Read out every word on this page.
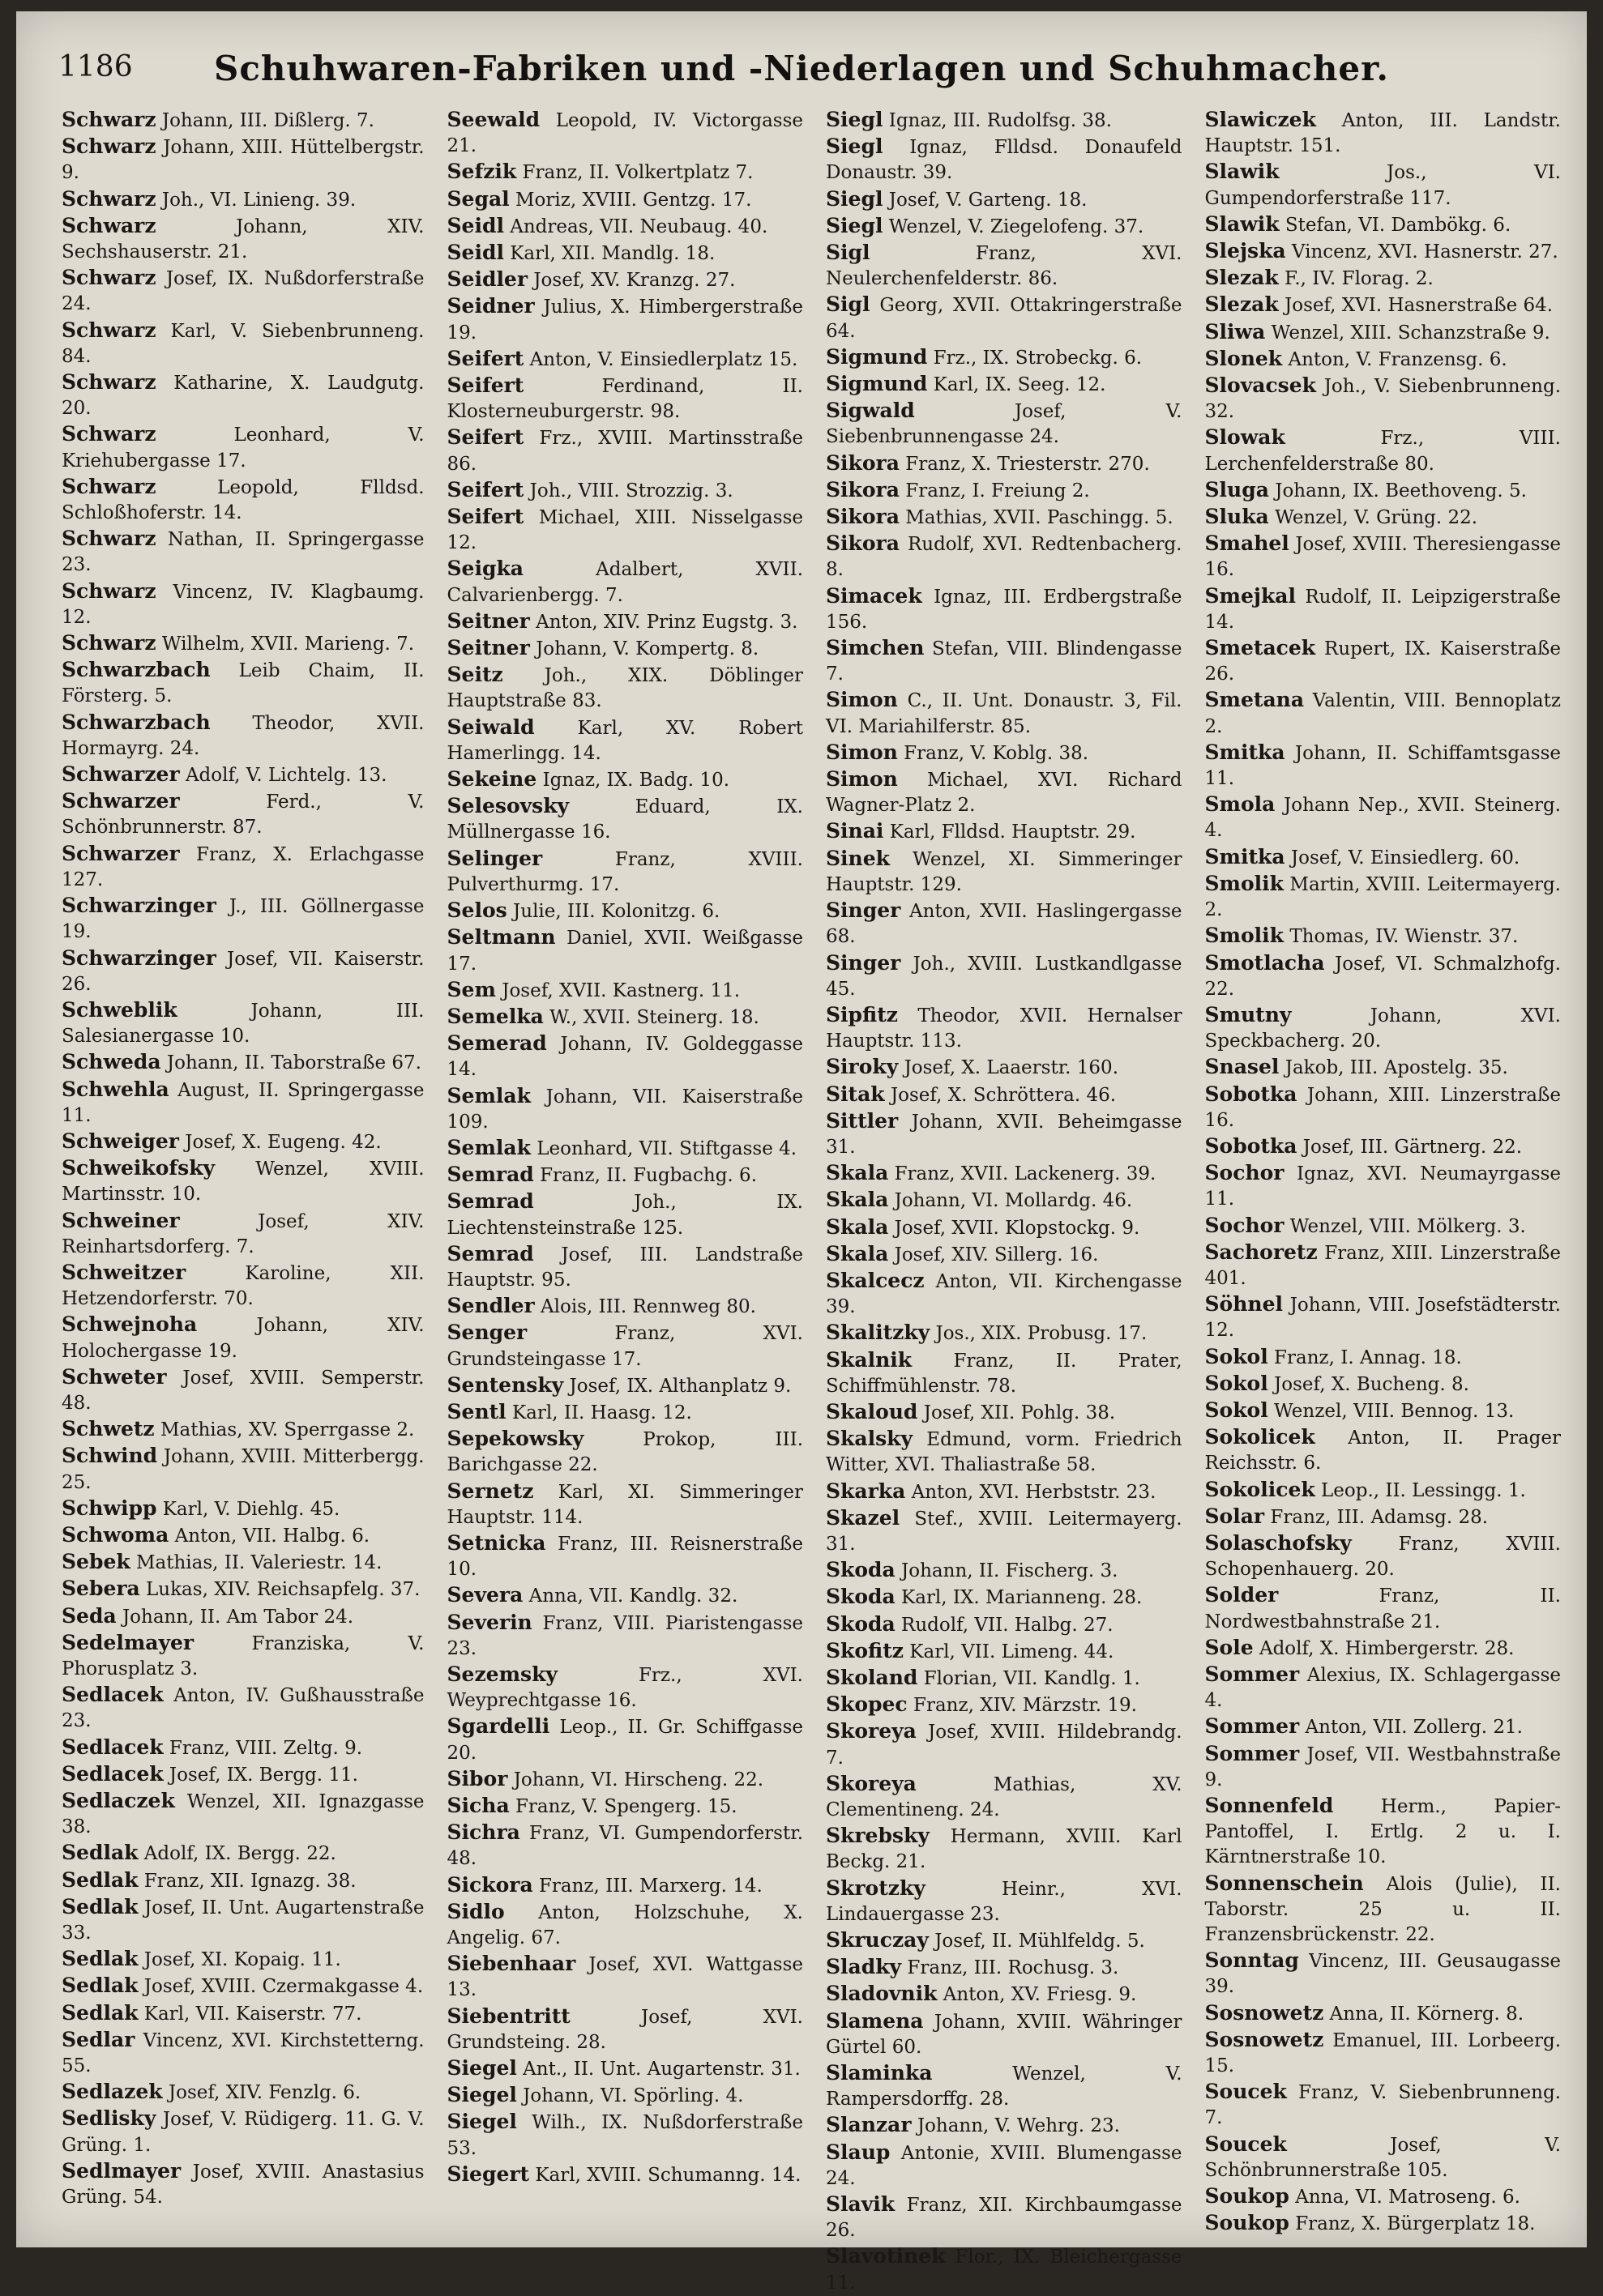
1186	Schuhwaren-Fabriken und -Niederlagen und Schuhmacher.
Schwarz Johann, III. Dißlerg. 7.
Schwarz Johann, XIII. Hüttelbergstr. 9.
Schwarz Joh., VI. Linieng. 39.
Schwarz	Johann, XIV. Sechshauserstr. 21.
Schwarz Josef, IX. Nußdorferstraße 24.
Schwarz Karl, V. Siebenbrunneng. 84.
Schwarz Katharine, X. Laudgutg. 20.
Schwarz	Leonhard, V. Kriehubergasse 17.
Schwarz	Leopold, Flldsd. Schloßhoferstr. 14.
Schwarz Nathan, II. Springergasse 23.
Schwarz Vincenz, IV. Klagbaumg. 12.
Schwarz Wilhelm, XVII. Marieng. 7.
Schwarzbach Leib Chaim, II. Försterg. 5.
Schwarzbach Theodor, XVII. Hormayrg. 24.
Schwarzer Adolf, V. Lichtelg. 13.
Schwarzer	Ferd., V. Schönbrunnerstr. 87.
Schwarzer Franz, X. Erlachgasse 127.
Schwarzinger J., III. Göllnergasse 19.
Schwarzinger Josef, VII. Kaiserstr. 26.
Schweblik	Johann, III. Salesianergasse 10.
Schweda Johann, II. Taborstraße 67.
Schwehla August, II. Springergasse 11.
Schweiger Josef, X. Eugeng. 42.
Schweikofsky Wenzel, XVIII. Martinsstr. 10.
Schweiner	Josef, XIV. Reinhartsdorferg. 7.
Schweitzer	Karoline, XII. Hetzendorferstr. 70.
Schwejnoha	Johann, XIV. Holochergasse 19.
Schweter Josef, XVIII. Semperstr. 48.
Schwetz Mathias, XV. Sperrgasse 2.
Schwind Johann, XVIII. Mitterbergg. 25.
Schwipp Karl, V. Diehlg. 45.
Schwoma Anton, VII. Halbg. 6.
Sebek Mathias, II. Valeriestr. 14.
Sebera Lukas, XIV. Reichsapfelg. 37.
Seda Johann, II. Am Tabor 24.
Sedelmayer	Franziska, V. Phorusplatz 3.
Sedlacek Anton, IV. Gußhausstraße 23.
Sedlacek Franz, VIII. Zeltg. 9.
Sedlacek Josef, IX. Bergg. 11.
Sedlaczek Wenzel, XII. Ignazgasse 38.
Sedlak Adolf, IX. Bergg. 22.
Sedlak Franz, XII. Ignazg. 38.
Sedlak Josef, II. Unt. Augartenstraße 33.
Sedlak Josef, XI. Kopaig. 11.
Sedlak Josef, XVIII. Czermakgasse 4.
Sedlak Karl, VII. Kaiserstr. 77.
Sedlar Vincenz, XVI. Kirchstetterng. 55.
Sedlazek Josef, XIV. Fenzlg. 6.
Sedlisky Josef, V. Rüdigerg. 11. G. V. Grüng. 1.
Sedlmayer Josef, XVIII. Anastasius Grüng. 54.
Seewald Leopold, IV. Victorgasse 21.
Sefzik Franz, II. Volkertplatz 7.
Segal Moriz, XVIII. Gentzg. 17.
Seidl Andreas, VII. Neubaug. 40.
Seidl Karl, XII. Mandlg. 18.
Seidler Josef, XV. Kranzg. 27.
Seidner Julius, X. Himbergerstraße 19.
Seifert Anton, V. Einsiedlerplatz 15.
Seifert	Ferdinand, II. Klosterneuburgerstr. 98.
Seifert Frz., XVIII. Martinsstraße 86.
Seifert Joh., VIII. Strozzig. 3.
Seifert Michael, XIII. Nisselgasse 12.
Seigka	Adalbert, XVII. Calvarienbergg. 7.
Seitner Anton, XIV. Prinz Eugstg. 3.
Seitner Johann, V. Kompertg. 8.
Seitz Joh., XIX. Döblinger Hauptstraße 83.
Seiwald Karl, XV. Robert Hamerlingg. 14.
Sekeine Ignaz, IX. Badg. 10.
Selesovsky	Eduard, IX. Müllnergasse 16.
Selinger	Franz, XVIII. Pulverthurmg. 17.
Selos Julie, III. Kolonitzg. 6.
Seltmann Daniel, XVII. Weißgasse 17.
Sem Josef, XVII. Kastnerg. 11.
Semelka W., XVII. Steinerg. 18.
Semerad Johann, IV. Goldeggasse 14.
Semlak Johann, VII. Kaiserstraße 109.
Semlak Leonhard, VII. Stiftgasse 4.
Semrad Franz, II. Fugbachg. 6.
Semrad	Joh., IX. Liechtensteinstraße 125.
Semrad Josef, III. Landstraße Hauptstr. 95.
Sendler Alois, III. Rennweg 80.
Senger	Franz, XVI. Grundsteingasse 17.
Sentensky Josef, IX. Althanplatz 9.
Sentl Karl, II. Haasg. 12.
Sepekowsky	Prokop, III. Barichgasse 22.
Sernetz Karl, XI. Simmeringer Hauptstr. 114.
Setnicka Franz, III. Reisnerstraße 10.
Severa Anna, VII. Kandlg. 32.
Severin Franz, VIII. Piaristengasse 23.
Sezemsky	Frz., XVI. Weyprechtgasse 16.
Sgardelli Leop., II. Gr. Schiffgasse 20.
Sibor Johann, VI. Hirscheng. 22.
Sicha Franz, V. Spengerg. 15.
Sichra Franz, VI. Gumpendorferstr. 48.
Sickora Franz, III. Marxerg. 14.
Sidlo Anton, Holzschuhe, X. Angelig. 67.
Siebenhaar Josef, XVI. Wattgasse 13.
Siebentritt	Josef, XVI. Grundsteing. 28.
Siegel Ant., II. Unt. Augartenstr. 31.
Siegel Johann, VI. Spörling. 4.
Siegel Wilh., IX. Nußdorferstraße 53.
Siegert Karl, XVIII. Schumanng. 14.
Siegl Ignaz, III. Rudolfsg. 38.
Siegl Ignaz, Flldsd. Donaufeld Donaustr. 39.
Siegl Josef, V. Garteng. 18.
Siegl Wenzel, V. Ziegelofeng. 37.
Sigl	Franz, XVI. Neulerchenfelderstr. 86.
Sigl Georg, XVII. Ottakringerstraße 64.
Sigmund Frz., IX. Strobeckg. 6.
Sigmund Karl, IX. Seeg. 12.
Sigwald	Josef, V. Siebenbrunnengasse 24.
Sikora Franz, X. Triesterstr. 270.
Sikora Franz, I. Freiung 2.
Sikora Mathias, XVII. Paschingg. 5.
Sikora Rudolf, XVI. Redtenbacherg. 8.
Simacek Ignaz, III. Erdbergstraße 156.
Simchen Stefan, VIII. Blindengasse 7.
Simon C., II. Unt. Donaustr. 3, Fil. VI. Mariahilferstr. 85.
Simon Franz, V. Koblg. 38.
Simon Michael, XVI. Richard Wagner-Platz 2.
Sinai Karl, Flldsd. Hauptstr. 29.
Sinek Wenzel, XI. Simmeringer Hauptstr. 129.
Singer Anton, XVII. Haslingergasse 68.
Singer Joh., XVIII. Lustkandlgasse 45.
Sipfitz Theodor, XVII. Hernalser Hauptstr. 113.
Siroky Josef, X. Laaerstr. 160.
Sitak Josef, X. Schröttera. 46.
Sittler Johann, XVII. Beheimgasse 31.
Skala Franz, XVII. Lackenerg. 39.
Skala Johann, VI. Mollardg. 46.
Skala Josef, XVII. Klopstockg. 9.
Skala Josef, XIV. Sillerg. 16.
Skalcecz Anton, VII. Kirchengasse 39.
Skalitzky Jos., XIX. Probusg. 17.
Skalnik Franz, II. Prater, Schiffmühlenstr. 78.
Skaloud Josef, XII. Pohlg. 38.
Skalsky Edmund, vorm. Friedrich Witter, XVI. Thaliastraße 58.
Skarka Anton, XVI. Herbststr. 23.
Skazel Stef., XVIII. Leitermayerg. 31.
Skoda Johann, II. Fischerg. 3.
Skoda Karl, IX. Marianneng. 28.
Skoda Rudolf, VII. Halbg. 27.
Skofitz Karl, VII. Limeng. 44.
Skoland Florian, VII. Kandlg. 1.
Skopec Franz, XIV. Märzstr. 19.
Skoreya Josef, XVIII. Hildebrandg. 7.
Skoreya	Mathias, XV. Clementineng. 24.
Skrebsky Hermann, XVIII. Karl Beckg. 21.
Skrotzky	Heinr., XVI. Lindauergasse 23.
Skruczay Josef, II. Mühlfeldg. 5.
Sladky Franz, III. Rochusg. 3.
Sladovnik Anton, XV. Friesg. 9.
Slamena Johann, XVIII. Währinger Gürtel 60.
Slaminka	Wenzel, V. Rampersdorffg. 28.
Slanzar Johann, V. Wehrg. 23.
Slaup Antonie, XVIII. Blumengasse 24.
Slavik Franz, XII. Kirchbaumgasse 26.
Slavotinek Flor., IX. Bleichergasse 11.
Slawiczek Anton, III. Landstr. Hauptstr. 151.
Slawik	Jos., VI. Gumpendorferstraße 117.
Slawik Stefan, VI. Dambökg. 6.
Slejska Vincenz, XVI. Hasnerstr. 27.
Slezak F., IV. Florag. 2.
Slezak Josef, XVI. Hasnerstraße 64.
Sliwa Wenzel, XIII. Schanzstraße 9.
Slonek Anton, V. Franzensg. 6.
Slovacsek Joh., V. Siebenbrunneng. 32.
Slowak	Frz., VIII. Lerchenfelderstraße 80.
Sluga Johann, IX. Beethoveng. 5.
Sluka Wenzel, V. Grüng. 22.
Smahel Josef, XVIII. Theresiengasse 16.
Smejkal Rudolf, II. Leipzigerstraße 14.
Smetacek Rupert, IX. Kaiserstraße 26.
Smetana Valentin, VIII. Bennoplatz 2.
Smitka Johann, II. Schiffamtsgasse 11.
Smola Johann Nep., XVII. Steinerg. 4.
Smitka Josef, V. Einsiedlerg. 60.
Smolik Martin, XVIII. Leitermayerg. 2.
Smolik Thomas, IV. Wienstr. 37.
Smotlacha Josef, VI. Schmalzhofg. 22.
Smutny	Johann, XVI. Speckbacherg. 20.
Snasel Jakob, III. Apostelg. 35.
Sobotka Johann, XIII. Linzerstraße 16.
Sobotka Josef, III. Gärtnerg. 22.
Sochor Ignaz, XVI. Neumayrgasse 11.
Sochor Wenzel, VIII. Mölkerg. 3.
Sachoretz Franz, XIII. Linzerstraße 401.
Söhnel Johann, VIII. Josefstädterstr. 12.
Sokol Franz, I. Annag. 18.
Sokol Josef, X. Bucheng. 8.
Sokol Wenzel, VIII. Bennog. 13.
Sokolicek Anton, II. Prager Reichsstr. 6.
Sokolicek Leop., II. Lessingg. 1.
Solar Franz, III. Adamsg. 28.
Solaschofsky	Franz, XVIII. Schopenhauerg. 20.
Solder	Franz, II. Nordwestbahnstraße 21.
Sole Adolf, X. Himbergerstr. 28.
Sommer Alexius, IX. Schlagergasse 4.
Sommer Anton, VII. Zollerg. 21.
Sommer Josef, VII. Westbahnstraße 9.
Sonnenfeld	Herm., Papier-Pantoffel, I. Ertlg. 2 u. I. Kärntnerstraße 10.
Sonnenschein Alois (Julie), II. Taborstr. 25 u. II. Franzensbrückenstr. 22.
Sonntag Vincenz, III. Geusaugasse 39.
Sosnowetz Anna, II. Körnerg. 8.
Sosnowetz Emanuel, III. Lorbeerg. 15.
Soucek Franz, V. Siebenbrunneng. 7.
Soucek	Josef, V. Schönbrunnerstraße 105.
Soukop Anna, VI. Matroseng. 6.
Soukop Franz, X. Bürgerplatz 18.
